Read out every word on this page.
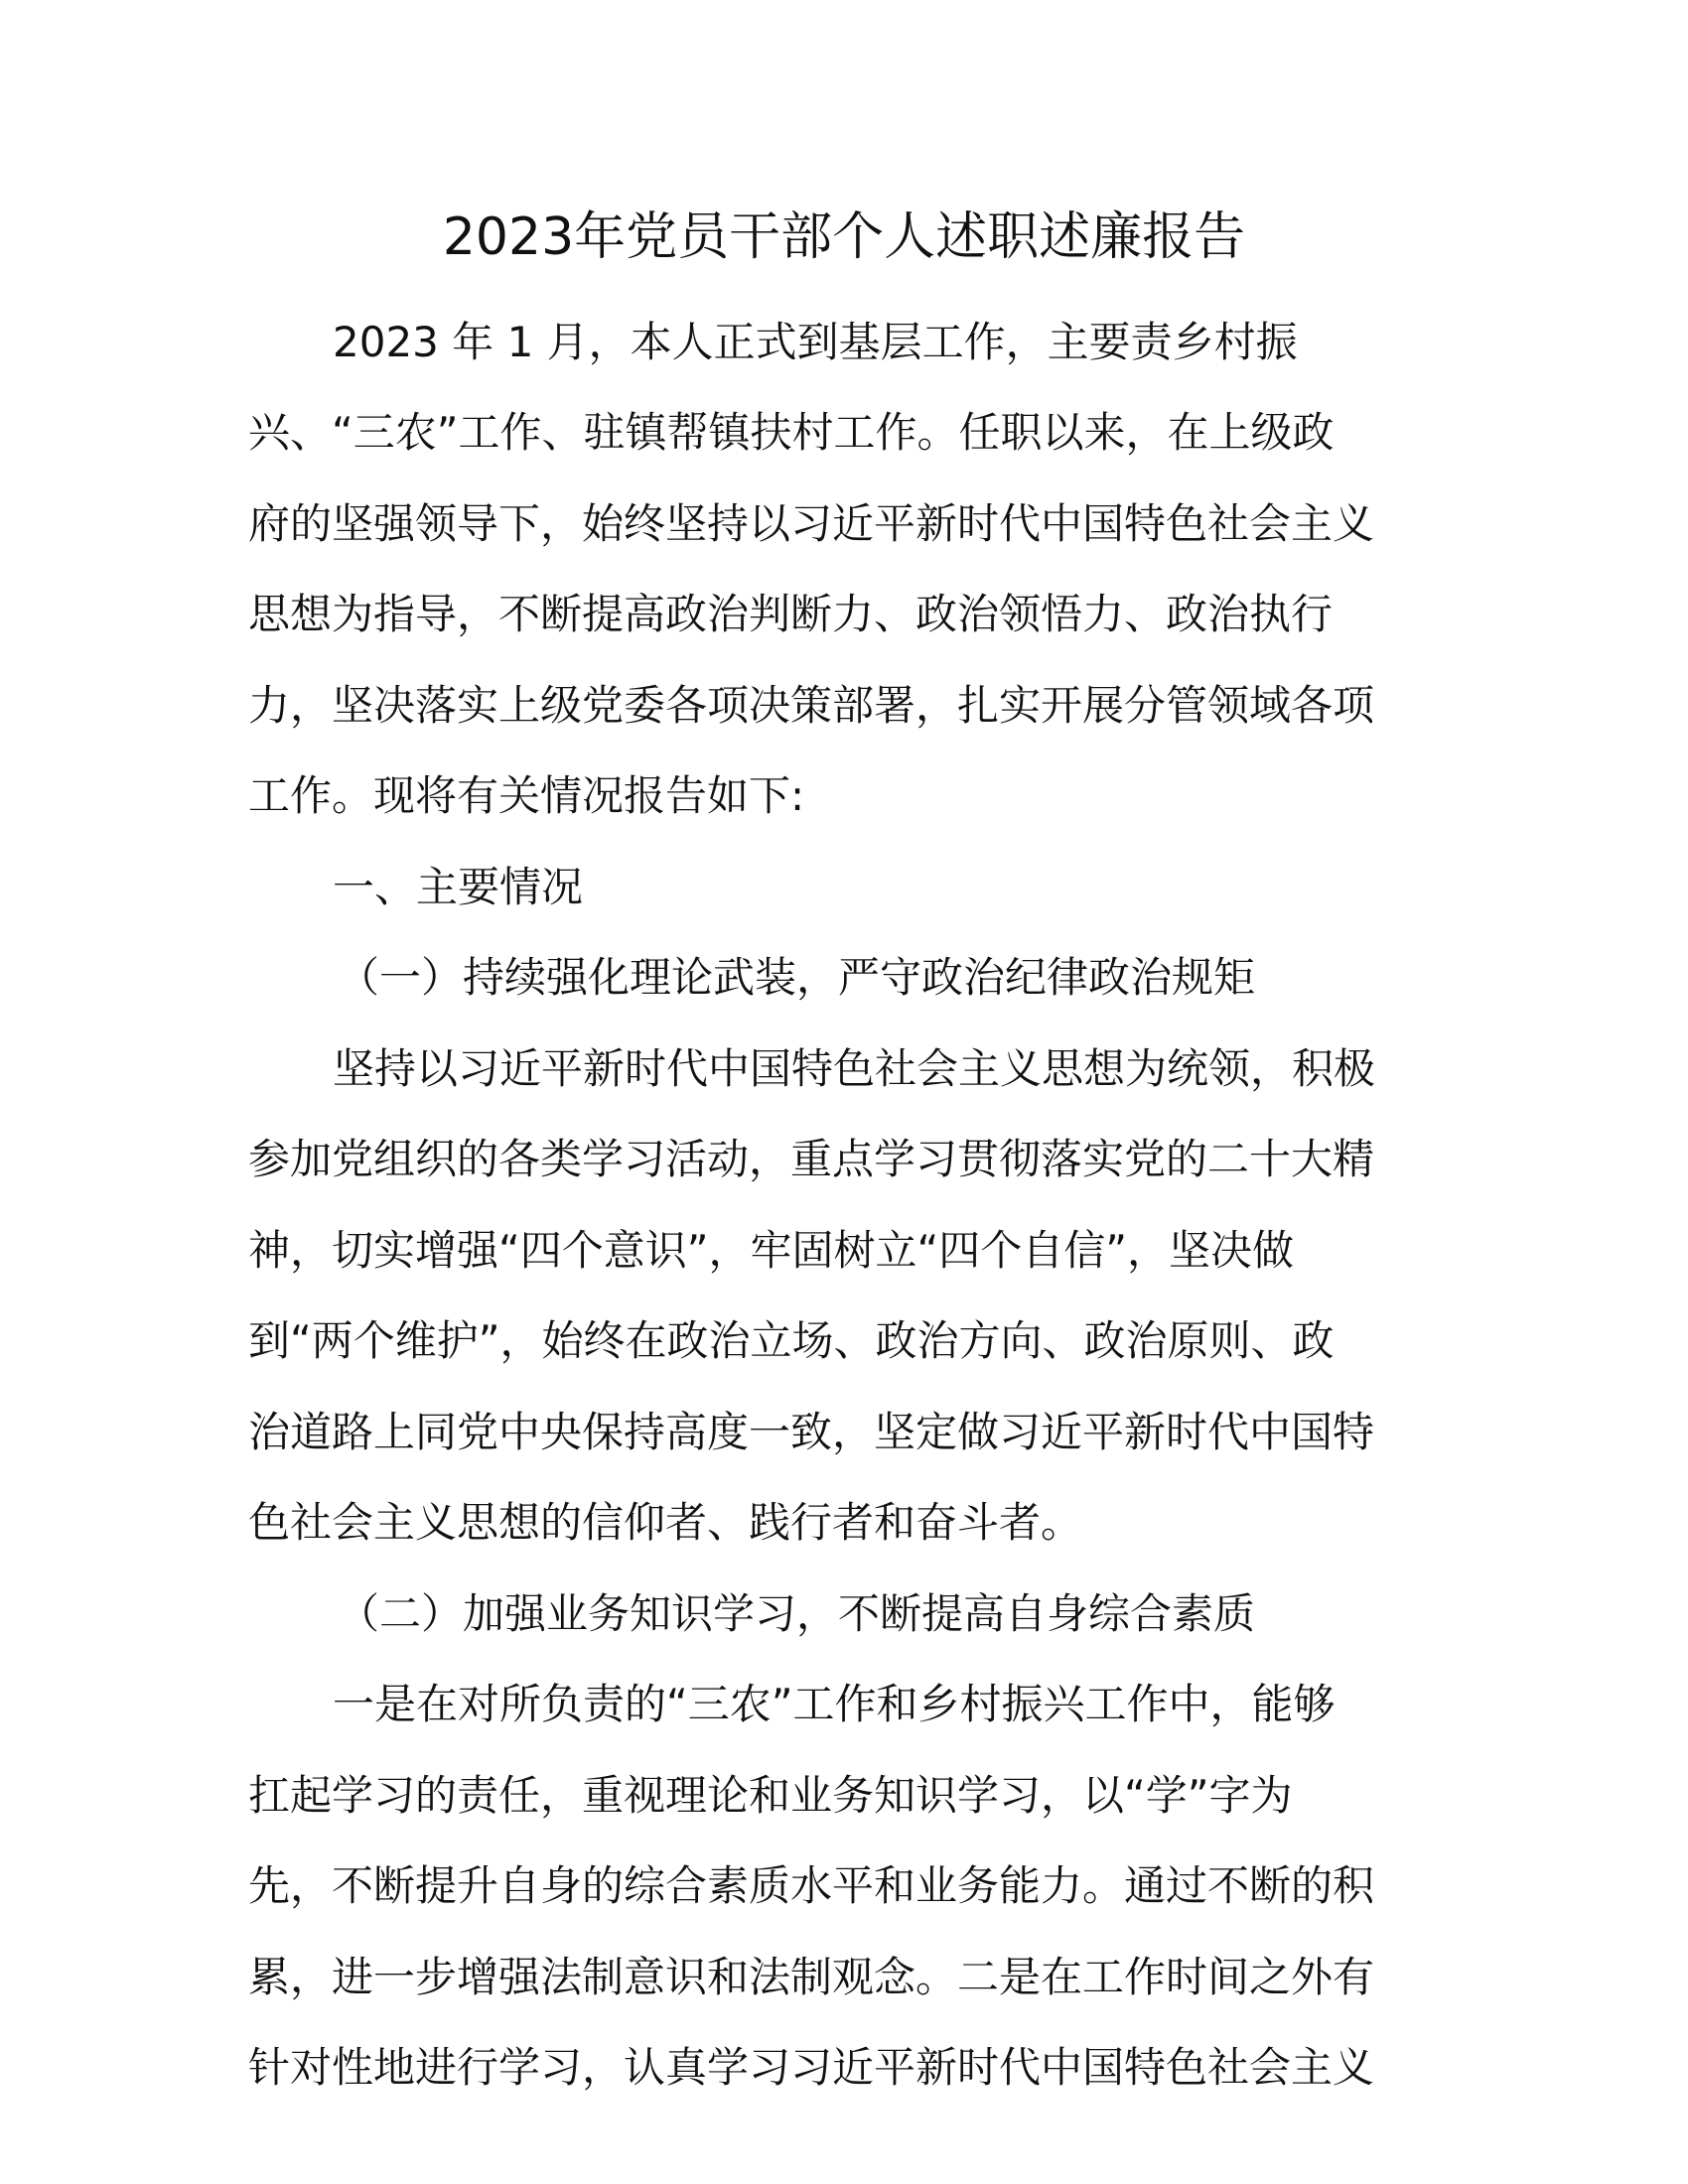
2023年党员干部个人述职述廉报告

2023 年 1 月，本人正式到基层工作，主要责乡村振

兴、“三农”工作、驻镇帮镇扶村工作。任职以来，在上级政

府的坚强领导下，始终坚持以习近平新时代中国特色社会主义

思想为指导，不断提高政治判断力、政治领悟力、政治执行

力，坚决落实上级党委各项决策部署，扎实开展分管领域各项

工作。现将有关情况报告如下:

一、主要情况

（一）持续强化理论武装，严守政治纪律政治规矩

坚持以习近平新时代中国特色社会主义思想为统领，积极

参加党组织的各类学习活动，重点学习贯彻落实党的二十大精

神，切实增强“四个意识”，牢固树立“四个自信”，坚决做

到“两个维护”，始终在政治立场、政治方向、政治原则、政

治道路上同党中央保持高度一致，坚定做习近平新时代中国特

色社会主义思想的信仰者、践行者和奋斗者。

（二）加强业务知识学习，不断提高自身综合素质

一是在对所负责的“三农”工作和乡村振兴工作中，能够

扛起学习的责任，重视理论和业务知识学习，以“学”字为

先，不断提升自身的综合素质水平和业务能力。通过不断的积

累，进一步增强法制意识和法制观念。二是在工作时间之外有

针对性地进行学习，认真学习习近平新时代中国特色社会主义
